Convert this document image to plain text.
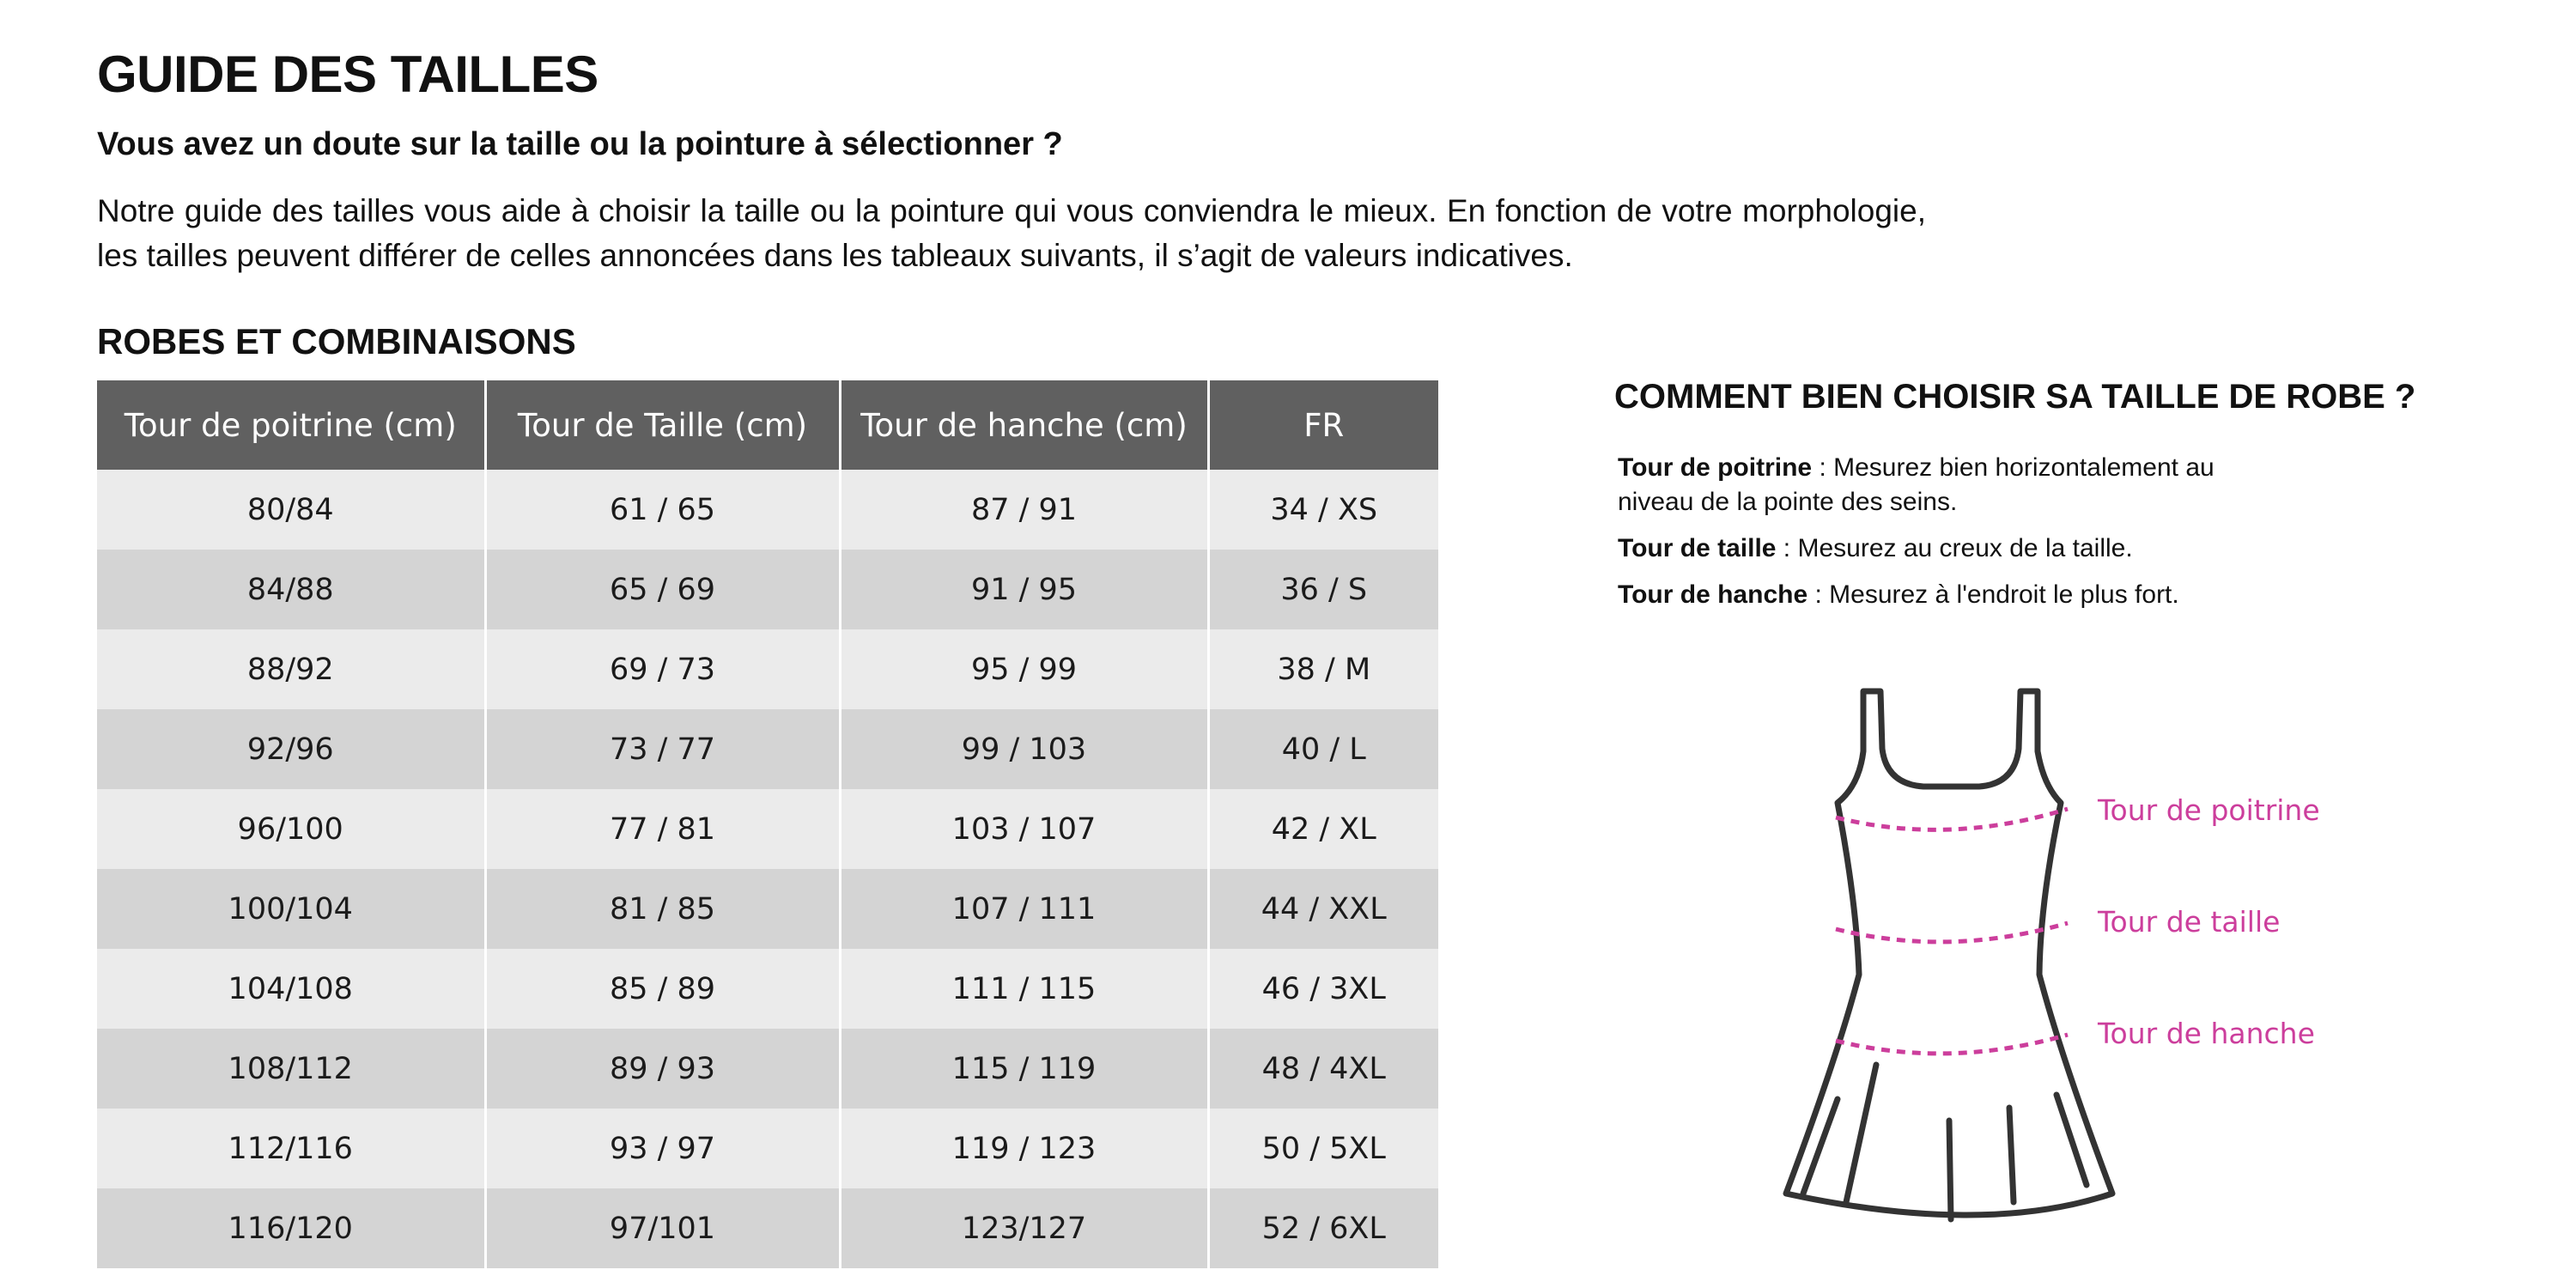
GUIDE DES TAILLES
Vous avez un doute sur la taille ou la pointure à sélectionner ?

Notre guide des tailles vous aide à choisir la taille ou la pointure qui vous conviendra le mieux. En fonction de votre morphologie, les tailles peuvent différer de celles annoncées dans les tableaux suivants, il s’agit de valeurs indicatives.

ROBES ET COMBINAISONS
Tour de poitrine (cm)	Tour de Taille (cm)	Tour de hanche (cm)	FR
80/84	61 / 65	87 / 91	34 / XS
84/88	65 / 69	91 / 95	36 / S
88/92	69 / 73	95 / 99	38 / M
92/96	73 / 77	99 / 103	40 / L
96/100	77 / 81	103 / 107	42 / XL
100/104	81 / 85	107 / 111	44 / XXL
104/108	85 / 89	111 / 115	46 / 3XL
108/112	89 / 93	115 / 119	48 / 4XL
112/116	93 / 97	119 / 123	50 / 5XL
116/120	97/101	123/127	52 / 6XL
COMMENT BIEN CHOISIR SA TAILLE DE ROBE ?

Tour de poitrine : Mesurez bien horizontalement au niveau de la pointe des seins.

Tour de taille : Mesurez au creux de la taille.

Tour de hanche : Mesurez à l'endroit le plus fort.

Tour de poitrine
Tour de taille
Tour de hanche
